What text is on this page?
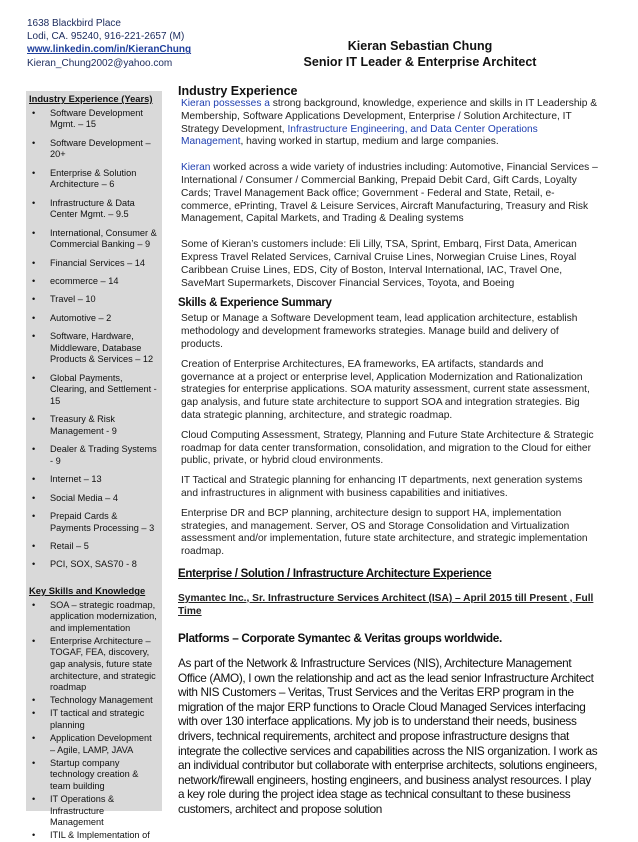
1638 Blackbird Place
Lodi, CA. 95240, 916-221-2657 (M)
www.linkedin.com/in/KieranChung
Kieran_Chung2002@yahoo.com
Kieran Sebastian Chung
Senior IT Leader & Enterprise Architect
Industry Experience (Years)
• Software Development Mgmt. – 15
• Software Development – 20+
• Enterprise & Solution Architecture – 6
• Infrastructure & Data Center Mgmt. – 9.5
• International, Consumer & Commercial Banking – 9
• Financial Services – 14
• ecommerce – 14
• Travel – 10
• Automotive – 2
• Software, Hardware, Middleware, Database Products & Services – 12
• Global Payments, Clearing, and Settlement - 15
• Treasury & Risk Management - 9
• Dealer & Trading Systems - 9
• Internet – 13
• Social Media – 4
• Prepaid Cards & Payments Processing – 3
• Retail – 5
• PCI, SOX, SAS70 - 8
Key Skills and Knowledge
• SOA – strategic roadmap, application modernization, and implementation
• Enterprise Architecture – TOGAF, FEA, discovery, gap analysis, future state architecture, and strategic roadmap
• Technology Management
• IT tactical and strategic planning
• Application Development – Agile, LAMP, JAVA
• Startup company technology creation & team building
• IT Operations & Infrastructure Management
• ITIL & Implementation of
Industry Experience

Kieran possesses a strong background, knowledge, experience and skills in IT Leadership & Membership, Software Applications Development, Enterprise / Solution Architecture, IT Strategy Development, Infrastructure Engineering, and Data Center Operations Management, having worked in startup, medium and large companies.

Kieran worked across a wide variety of industries including: Automotive, Financial Services – International / Consumer / Commercial Banking, Prepaid Debit Card, Gift Cards, Loyalty Cards; Travel Management Back office; Government - Federal and State, Retail, e-commerce, ePrinting, Travel & Leisure Services, Aircraft Manufacturing, Treasury and Risk Management, Capital Markets, and Trading & Dealing systems

Some of Kieran’s customers include: Eli Lilly, TSA, Sprint, Embarq, First Data, American Express Travel Related Services, Carnival Cruise Lines, Norwegian Cruise Lines, Royal Caribbean Cruise Lines, EDS, City of Boston, Interval International, IAC, Travel One, SaveMart Supermarkets, Discover Financial Services, Toyota, and Boeing

Skills & Experience Summary

Setup or Manage a Software Development team, lead application architecture, establish methodology and development frameworks strategies. Manage build and delivery of products.

Creation of Enterprise Architectures, EA frameworks, EA artifacts, standards and governance at a project or enterprise level, Application Modernization and Rationalization strategies for enterprise applications. SOA maturity assessment, current state assessment, gap analysis, and future state architecture to support SOA and integration strategies. Big data strategic planning, architecture, and strategic roadmap.

Cloud Computing Assessment, Strategy, Planning and Future State Architecture & Strategic roadmap for data center transformation, consolidation, and migration to the Cloud for either public, private, or hybrid cloud environments.

IT Tactical and Strategic planning for enhancing IT departments, next generation systems and infrastructures in alignment with business capabilities and initiatives.

Enterprise DR and BCP planning, architecture design to support HA, implementation strategies, and management. Server, OS and Storage Consolidation and Virtualization assessment and/or implementation, future state architecture, and strategic implementation roadmap.

Enterprise / Solution / Infrastructure Architecture Experience
Symantec Inc., Sr. Infrastructure Services Architect (ISA) – April 2015 till Present , Full Time
Platforms – Corporate Symantec & Veritas groups worldwide.

As part of the Network & Infrastructure Services (NIS), Architecture Management Office (AMO), I own the relationship and act as the lead senior Infrastructure Architect with NIS Customers – Veritas, Trust Services and the Veritas ERP program in the migration of the major ERP functions to Oracle Cloud Managed Services interfacing with over 130 interface applications. My job is to understand their needs, business drivers, technical requirements, architect and propose infrastructure designs that integrate the collective services and capabilities across the NIS organization. I work as an individual contributor but collaborate with enterprise architects, solutions engineers, network/firewall engineers, hosting engineers, and business analyst resources. I play a key role during the project idea stage as technical consultant to these business customers, architect and propose solution
